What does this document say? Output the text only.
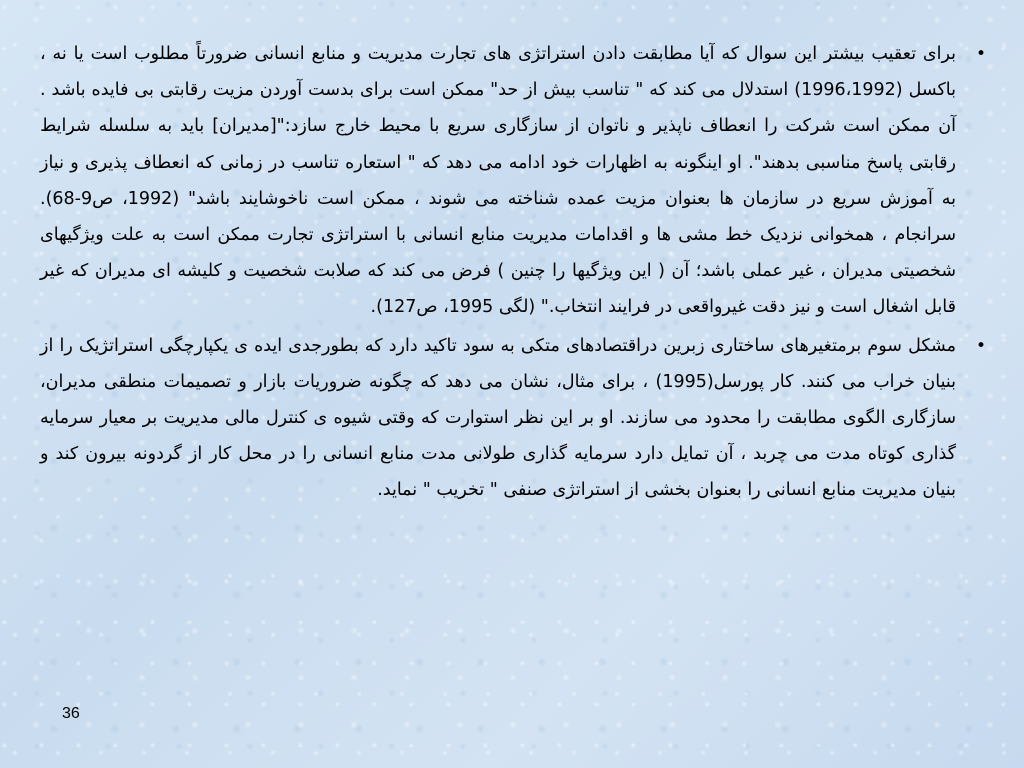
•
برای تعقیب بیشتر این سوال که آیا مطابقت دادن استراتژی های تجارت مدیریت و منابع انسانی ضرورتاً مطلوب است یا نه ، باکسل (1996،1992) استدلال می کند که " تناسب بیش از حد" ممکن است برای بدست آوردن مزیت رقابتی بی فایده باشد . آن ممکن است شرکت را انعطاف ناپذیر و ناتوان از سازگاری سریع با محیط خارج سازد:"[مدیران] باید به سلسله شرایط رقابتی پاسخ مناسبی بدهند". او اینگونه به اظهارات خود ادامه می دهد که " استعاره تناسب در زمانی که انعطاف پذیری و نیاز به آموزش سریع در سازمان ها بعنوان مزیت عمده شناخته می شوند ، ممکن است ناخوشایند باشد" (1992، ص9-68). سرانجام ، همخوانی نزدیک خط مشی ها و اقدامات مدیریت منابع انسانی با استراتژی تجارت ممکن است به علت ویژگیهای شخصیتی مدیران ، غیر عملی باشد؛ آن ( این ویژگیها را چنین ) فرض می کند که صلابت شخصیت و کلیشه ای مدیران که غیر قابل اشغال است و نیز دقت غیرواقعی در فرایند انتخاب." (لگی 1995، ص127).

•
مشکل سوم برمتغیرهای ساختاری زبرین دراقتصادهای متکی به سود تاکید دارد که بطورجدی ایده ی یکپارچگی استراتژیک را از بنیان خراب می کنند. کار پورسل(1995) ، برای مثال، نشان می دهد که چگونه ضروریات بازار و تصمیمات منطقی مدیران، سازگاری الگوی مطابقت را محدود می سازند. او بر این نظر استوارت که وقتی شیوه ی کنترل مالی مدیریت بر معیار سرمایه گذاری کوتاه مدت می چربد ، آن تمایل دارد سرمایه گذاری طولانی مدت منابع انسانی را در محل کار از گردونه بیرون کند و بنیان مدیریت منابع انسانی را بعنوان بخشی از استراتژی صنفی " تخریب " نماید.

36
